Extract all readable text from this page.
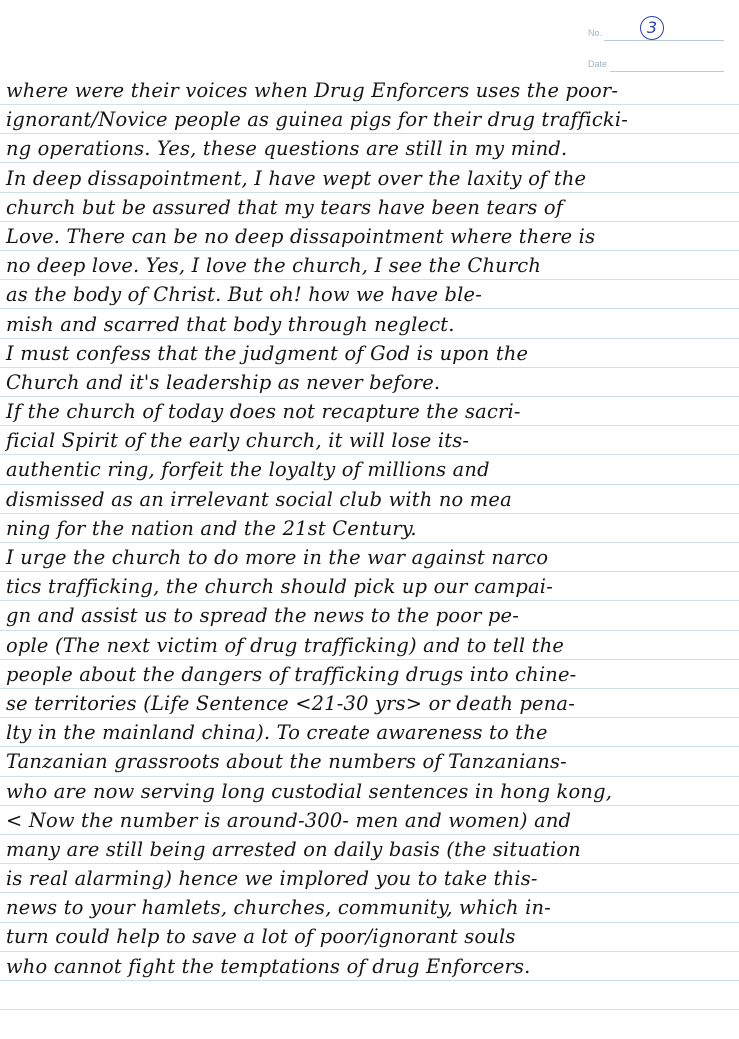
No.
Date
3
where were their voices when Drug Enforcers uses the poor-
ignorant/Novice people as guinea pigs for their drug trafficki-
ng operations. Yes, these questions are still in my mind.
In deep dissapointment, I have wept over the laxity of the
church but be assured that my tears have been tears of
Love. There can be no deep dissapointment where there is
no deep love. Yes, I love the church, I see the Church
as the body of Christ. But oh! how we have ble-
mish and scarred that body through neglect.
I must confess that the judgment of God is upon the
Church and it's leadership as never before.
If the church of today does not recapture the sacri-
ficial Spirit of the early church, it will lose its-
authentic ring, forfeit the loyalty of millions and
dismissed as an irrelevant social club with no mea
ning for the nation and the 21st Century.
I urge the church to do more in the war against narco
tics trafficking, the church should pick up our campai-
gn and assist us to spread the news to the poor pe-
ople (The next victim of drug trafficking) and to tell the
people about the dangers of trafficking drugs into chine-
se territories (Life Sentence <21-30 yrs> or death pena-
lty in the mainland china). To create awareness to the
Tanzanian grassroots about the numbers of Tanzanians-
who are now serving long custodial sentences in hong kong,
< Now the number is around-300- men and women) and
many are still being arrested on daily basis (the situation
is real alarming) hence we implored you to take this-
news to your hamlets, churches, community, which in-
turn could help to save a lot of poor/ignorant souls
who cannot fight the temptations of drug Enforcers.
